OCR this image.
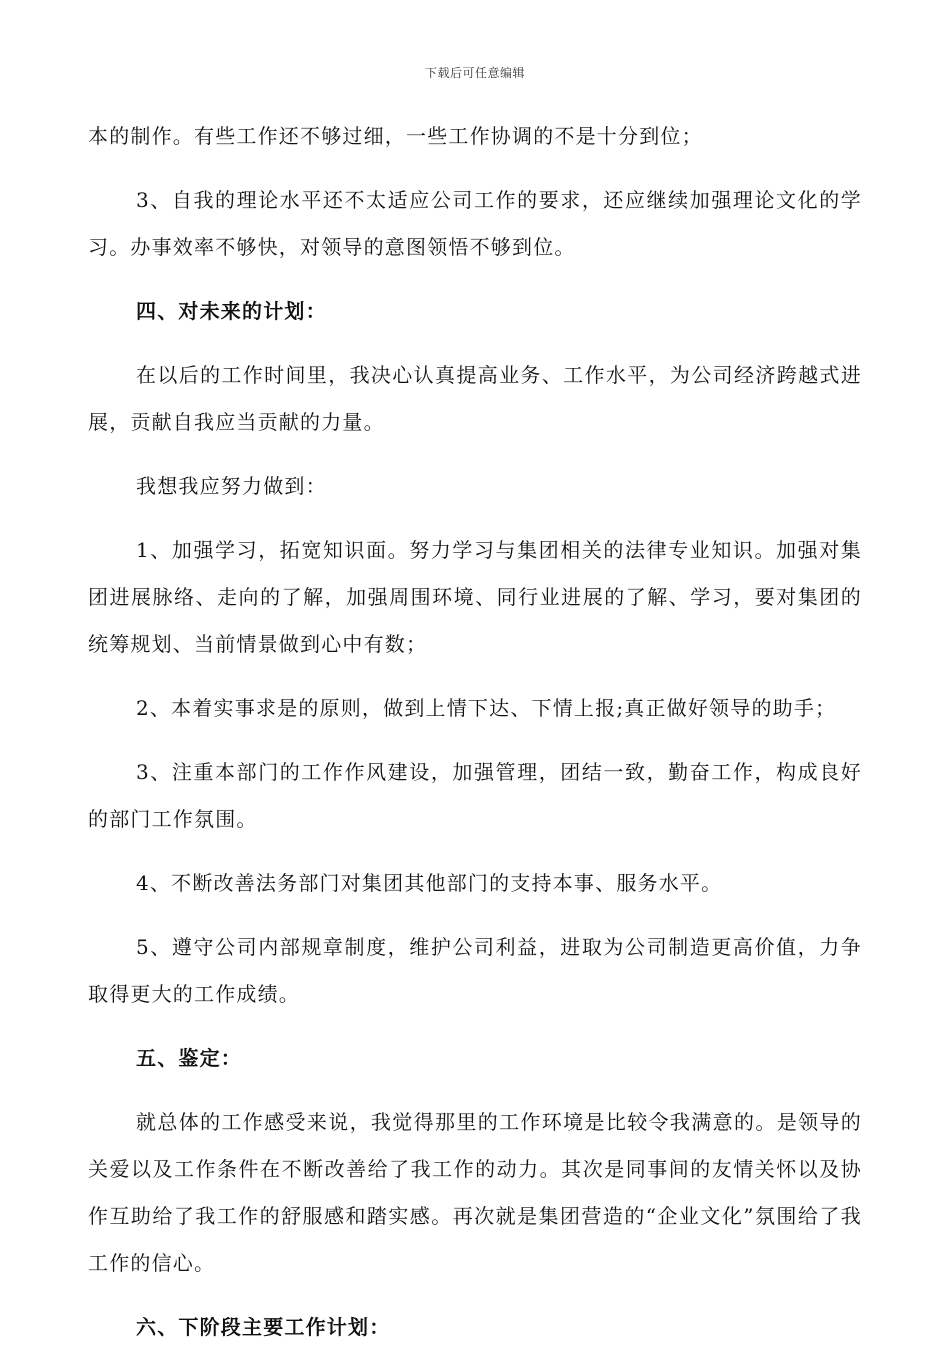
下载后可任意编辑

本的制作。有些工作还不够过细，一些工作协调的不是十分到位；

3、自我的理论水平还不太适应公司工作的要求，还应继续加强理论文化的学习。办事效率不够快，对领导的意图领悟不够到位。

四、对未来的计划：

在以后的工作时间里，我决心认真提高业务、工作水平，为公司经济跨越式进展，贡献自我应当贡献的力量。

我想我应努力做到：

1、加强学习，拓宽知识面。努力学习与集团相关的法律专业知识。加强对集团进展脉络、走向的了解，加强周围环境、同行业进展的了解、学习，要对集团的统筹规划、当前情景做到心中有数；

2、本着实事求是的原则，做到上情下达、下情上报;真正做好领导的助手；

3、注重本部门的工作作风建设，加强管理，团结一致，勤奋工作，构成良好的部门工作氛围。

4、不断改善法务部门对集团其他部门的支持本事、服务水平。

5、遵守公司内部规章制度，维护公司利益，进取为公司制造更高价值，力争取得更大的工作成绩。

五、鉴定：

就总体的工作感受来说，我觉得那里的工作环境是比较令我满意的。是领导的关爱以及工作条件在不断改善给了我工作的动力。其次是同事间的友情关怀以及协作互助给了我工作的舒服感和踏实感。再次就是集团营造的“企业文化”氛围给了我工作的信心。

六、下阶段主要工作计划：
